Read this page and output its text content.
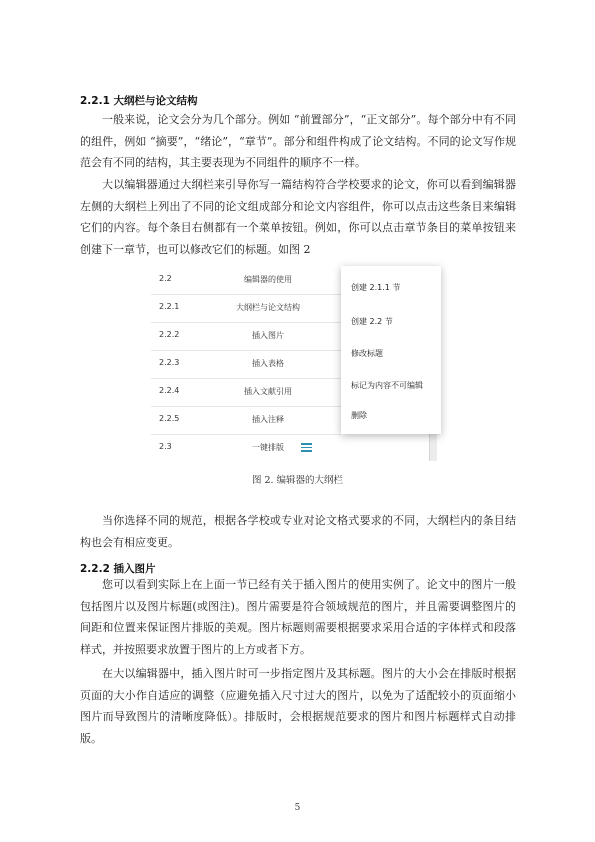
2.2.1 大纲栏与论文结构

一般来说，论文会分为几个部分。例如 “前置部分”，“正文部分”。每个部分中有不同的组件，例如 “摘要”，“绪论”，“章节”。部分和组件构成了论文结构。不同的论文写作规范会有不同的结构，其主要表现为不同组件的顺序不一样。

大以编辑器通过大纲栏来引导你写一篇结构符合学校要求的论文，你可以看到编辑器左侧的大纲栏上列出了不同的论文组成部分和论文内容组件，你可以点击这些条目来编辑它们的内容。每个条目右侧都有一个菜单按钮。例如，你可以点击章节条目的菜单按钮来创建下一章节，也可以修改它们的标题。如图 2

2.2	编辑器的使用
2.2.1	大纲栏与论文结构
2.2.2	插入图片
2.2.3	插入表格
2.2.4	插入文献引用
2.2.5	插入注释
2.3	一键排版
创建 2.1.1 节
创建 2.2 节
修改标题
标记为内容不可编辑
删除
图 2. 编辑器的大纲栏

当你选择不同的规范，根据各学校或专业对论文格式要求的不同，大纲栏内的条目结构也会有相应变更。

2.2.2 插入图片

您可以看到实际上在上面一节已经有关于插入图片的使用实例了。论文中的图片一般包括图片以及图片标题(或图注)。图片需要是符合领域规范的图片，并且需要调整图片的间距和位置来保证图片排版的美观。图片标题则需要根据要求采用合适的字体样式和段落样式，并按照要求放置于图片的上方或者下方。

在大以编辑器中，插入图片时可一步指定图片及其标题。图片的大小会在排版时根据页面的大小作自适应的调整（应避免插入尺寸过大的图片，以免为了适配较小的页面缩小图片而导致图片的清晰度降低）。排版时，会根据规范要求的图片和图片标题样式自动排版。

5
